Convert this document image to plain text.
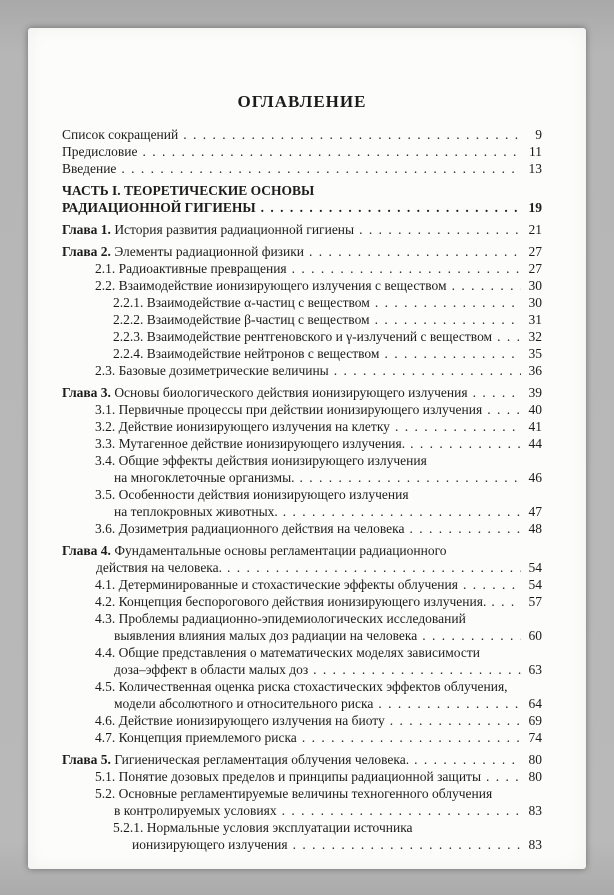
ОГЛАВЛЕНИЕ
Список сокращений . . .	9
Предисловие . . .	11
Введение . . .	13
ЧАСТЬ I. ТЕОРЕТИЧЕСКИЕ ОСНОВЫ
РАДИАЦИОННОЙ ГИГИЕНЫ . . .	19
Глава 1. История развития радиационной гигиены . . .	21
Глава 2. Элементы радиационной физики . . .	27
2.1. Радиоактивные превращения . . .	27
2.2. Взаимодействие ионизирующего излучения с веществом . . .	30
2.2.1. Взаимодействие α-частиц с веществом . . .	30
2.2.2. Взаимодействие β-частиц с веществом . . .	31
2.2.3. Взаимодействие рентгеновского и γ-излучений с веществом . . .	32
2.2.4. Взаимодействие нейтронов с веществом . . .	35
2.3. Базовые дозиметрические величины . . .	36
Глава 3. Основы биологического действия ионизирующего излучения . . .	39
3.1. Первичные процессы при действии ионизирующего излучения . . .	40
3.2. Действие ионизирующего излучения на клетку . . .	41
3.3. Мутагенное действие ионизирующего излучения. . . .	44
3.4. Общие эффекты действия ионизирующего излучения
на многоклеточные организмы. . . .	46
3.5. Особенности действия ионизирующего излучения
на теплокровных животных. . . .	47
3.6. Дозиметрия радиационного действия на человека . . .	48
Глава 4. Фундаментальные основы регламентации радиационного
действия на человека. . . .	54
4.1. Детерминированные и стохастические эффекты облучения . . .	54
4.2. Концепция беспорогового действия ионизирующего излучения. . . .	57
4.3. Проблемы радиационно-эпидемиологических исследований
выявления влияния малых доз радиации на человека . . .	60
4.4. Общие представления о математических моделях зависимости
доза–эффект в области малых доз . . .	63
4.5. Количественная оценка риска стохастических эффектов облучения,
модели абсолютного и относительного риска . . .	64
4.6. Действие ионизирующего излучения на биоту . . .	69
4.7. Концепция приемлемого риска . . .	74
Глава 5. Гигиеническая регламентация облучения человека. . . .	80
5.1. Понятие дозовых пределов и принципы радиационной защиты . . .	80
5.2. Основные регламентируемые величины техногенного облучения
в контролируемых условиях . . .	83
5.2.1. Нормальные условия эксплуатации источника
ионизирующего излучения . . .	83
